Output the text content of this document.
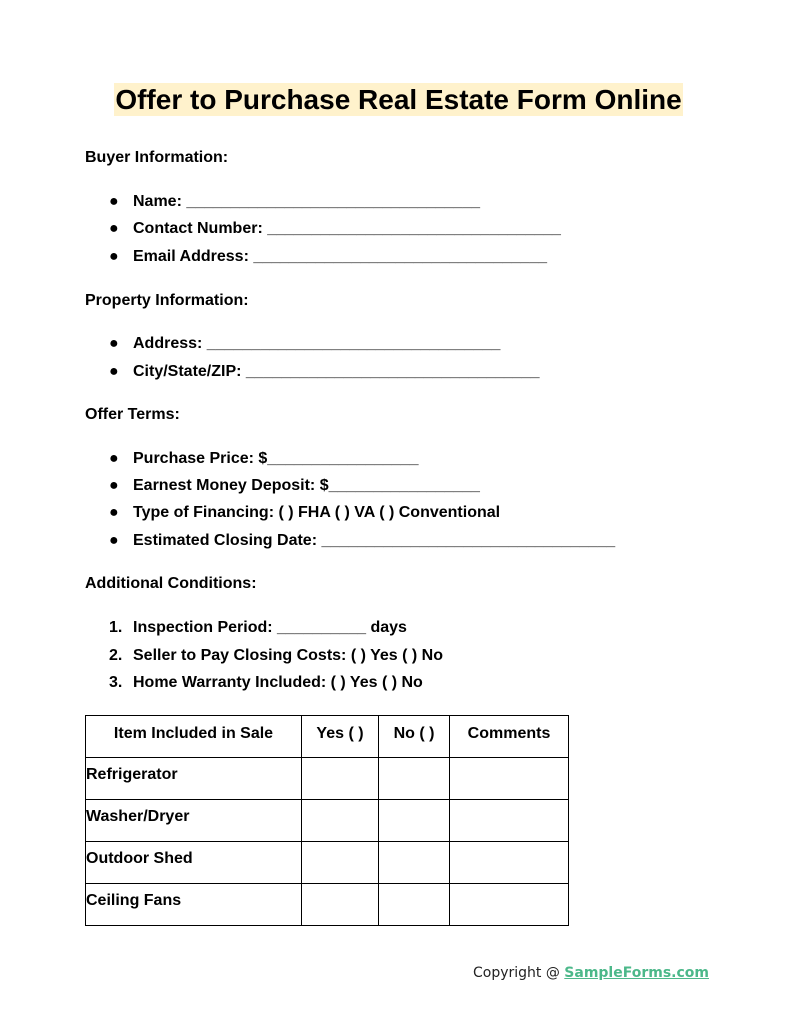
Offer to Purchase Real Estate Form Online
Buyer Information:
● Name: _________________________________
● Contact Number: _________________________________
● Email Address: _________________________________
Property Information:
● Address: _________________________________
● City/State/ZIP: _________________________________
Offer Terms:
● Purchase Price: $_________________
● Earnest Money Deposit: $_________________
● Type of Financing: ( ) FHA ( ) VA ( ) Conventional
● Estimated Closing Date: _________________________________
Additional Conditions:
1. Inspection Period: __________ days
2. Seller to Pay Closing Costs: ( ) Yes ( ) No
3. Home Warranty Included: ( ) Yes ( ) No
Item Included in Sale	Yes ( )	No ( )	Comments
Refrigerator			
Washer/Dryer			
Outdoor Shed			
Ceiling Fans			
Copyright @ SampleForms.com
